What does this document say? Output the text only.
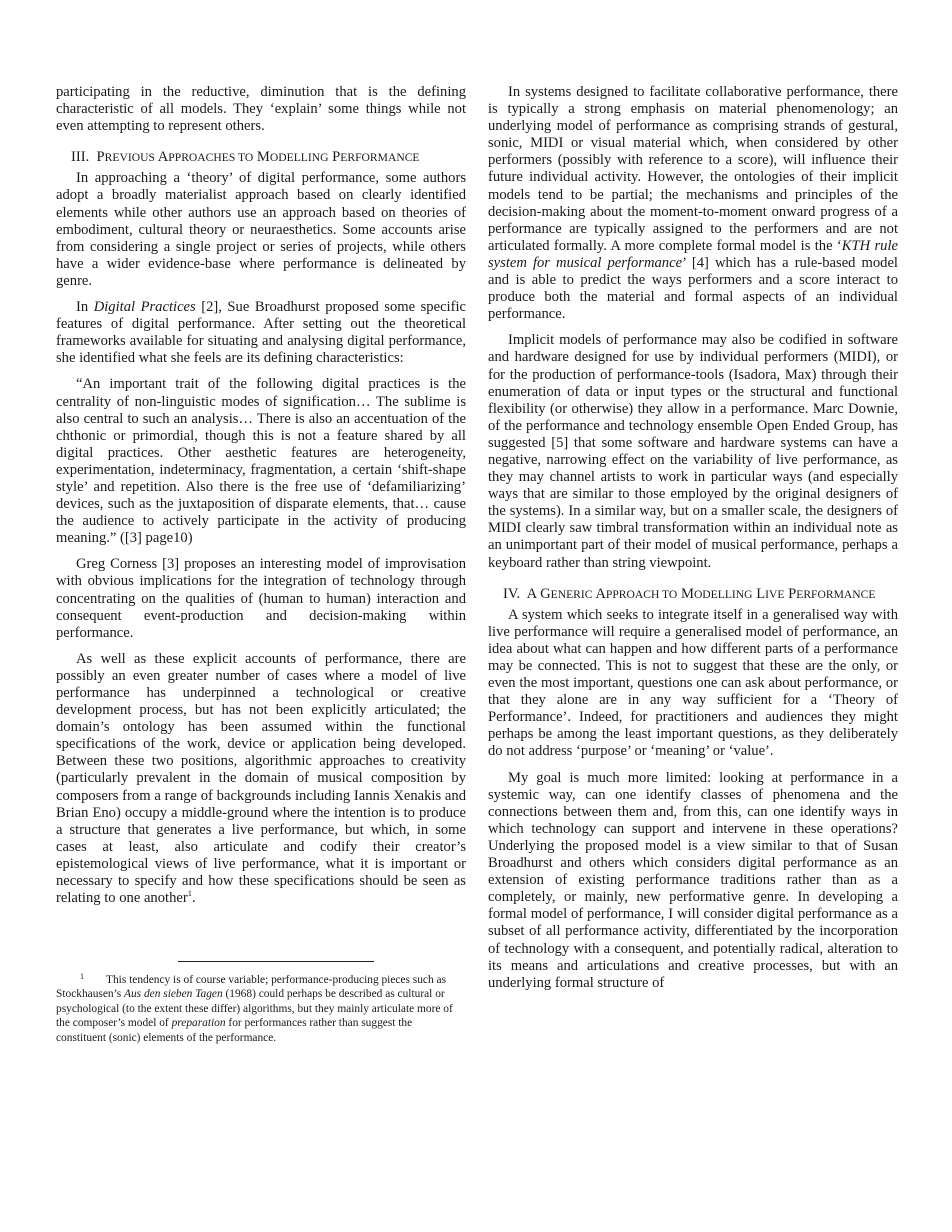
participating in the reductive, diminution that is the defining characteristic of all models. They ‘explain’ some things while not even attempting to represent others.

III. PREVIOUS APPROACHES TO MODELLING PERFORMANCE

In approaching a ‘theory’ of digital performance, some authors adopt a broadly materialist approach based on clearly identified elements while other authors use an approach based on theories of embodiment, cultural theory or neuraesthetics. Some accounts arise from considering a single project or series of projects, while others have a wider evidence-base where performance is delineated by genre.

In Digital Practices [2], Sue Broadhurst proposed some specific features of digital performance. After setting out the theoretical frameworks available for situating and analysing digital performance, she identified what she feels are its defining characteristics:

“An important trait of the following digital practices is the centrality of non-linguistic modes of signification… The sublime is also central to such an analysis… There is also an accentuation of the chthonic or primordial, though this is not a feature shared by all digital practices. Other aesthetic features are heterogeneity, experimentation, indeterminacy, fragmentation, a certain ‘shift-shape style’ and repetition. Also there is the free use of ‘defamiliarizing’ devices, such as the juxtaposition of disparate elements, that… cause the audience to actively participate in the activity of producing meaning.” ([3] page10)

Greg Corness [3] proposes an interesting model of improvisation with obvious implications for the integration of technology through concentrating on the qualities of (human to human) interaction and consequent event-production and decision-making within performance.

As well as these explicit accounts of performance, there are possibly an even greater number of cases where a model of live performance has underpinned a technological or creative development process, but has not been explicitly articulated; the domain’s ontology has been assumed within the functional specifications of the work, device or application being developed. Between these two positions, algorithmic approaches to creativity (particularly prevalent in the domain of musical composition by composers from a range of backgrounds including Iannis Xenakis and Brian Eno) occupy a middle-ground where the intention is to produce a structure that generates a live performance, but which, in some cases at least, also articulate and codify their creator’s epistemological views of live performance, what it is important or necessary to specify and how these specifications should be seen as relating to one another$^1$.

$^1$ This tendency is of course variable; performance-producing pieces such as Stockhausen’s Aus den sieben Tagen (1968) could perhaps be described as cultural or psychological (to the extent these differ) algorithms, but they mainly articulate more of the composer’s model of preparation for performances rather than suggest the constituent (sonic) elements of the performance.

In systems designed to facilitate collaborative performance, there is typically a strong emphasis on material phenomenology; an underlying model of performance as comprising strands of gestural, sonic, MIDI or visual material which, when considered by other performers (possibly with reference to a score), will influence their future individual activity. However, the ontologies of their implicit models tend to be partial; the mechanisms and principles of the decision-making about the moment-to-moment onward progress of a performance are typically assigned to the performers and are not articulated formally. A more complete formal model is the ‘KTH rule system for musical performance’ [4] which has a rule-based model and is able to predict the ways performers and a score interact to produce both the material and formal aspects of an individual performance.

Implicit models of performance may also be codified in software and hardware designed for use by individual performers (MIDI), or for the production of performance-tools (Isadora, Max) through their enumeration of data or input types or the structural and functional flexibility (or otherwise) they allow in a performance. Marc Downie, of the performance and technology ensemble Open Ended Group, has suggested [5] that some software and hardware systems can have a negative, narrowing effect on the variability of live performance, as they may channel artists to work in particular ways (and especially ways that are similar to those employed by the original designers of the systems). In a similar way, but on a smaller scale, the designers of MIDI clearly saw timbral transformation within an individual note as an unimportant part of their model of musical performance, perhaps a keyboard rather than string viewpoint.

IV. A GENERIC APPROACH TO MODELLING LIVE PERFORMANCE

A system which seeks to integrate itself in a generalised way with live performance will require a generalised model of performance, an idea about what can happen and how different parts of a performance may be connected. This is not to suggest that these are the only, or even the most important, questions one can ask about performance, or that they alone are in any way sufficient for a ‘Theory of Performance’. Indeed, for practitioners and audiences they might perhaps be among the least important questions, as they deliberately do not address ‘purpose’ or ‘meaning’ or ‘value’.

My goal is much more limited: looking at performance in a systemic way, can one identify classes of phenomena and the connections between them and, from this, can one identify ways in which technology can support and intervene in these operations? Underlying the proposed model is a view similar to that of Susan Broadhurst and others which considers digital performance as an extension of existing performance traditions rather than as a completely, or mainly, new performative genre. In developing a formal model of performance, I will consider digital performance as a subset of all performance activity, differentiated by the incorporation of technology with a consequent, and potentially radical, alteration to its means and articulations and creative processes, but with an underlying formal structure of
